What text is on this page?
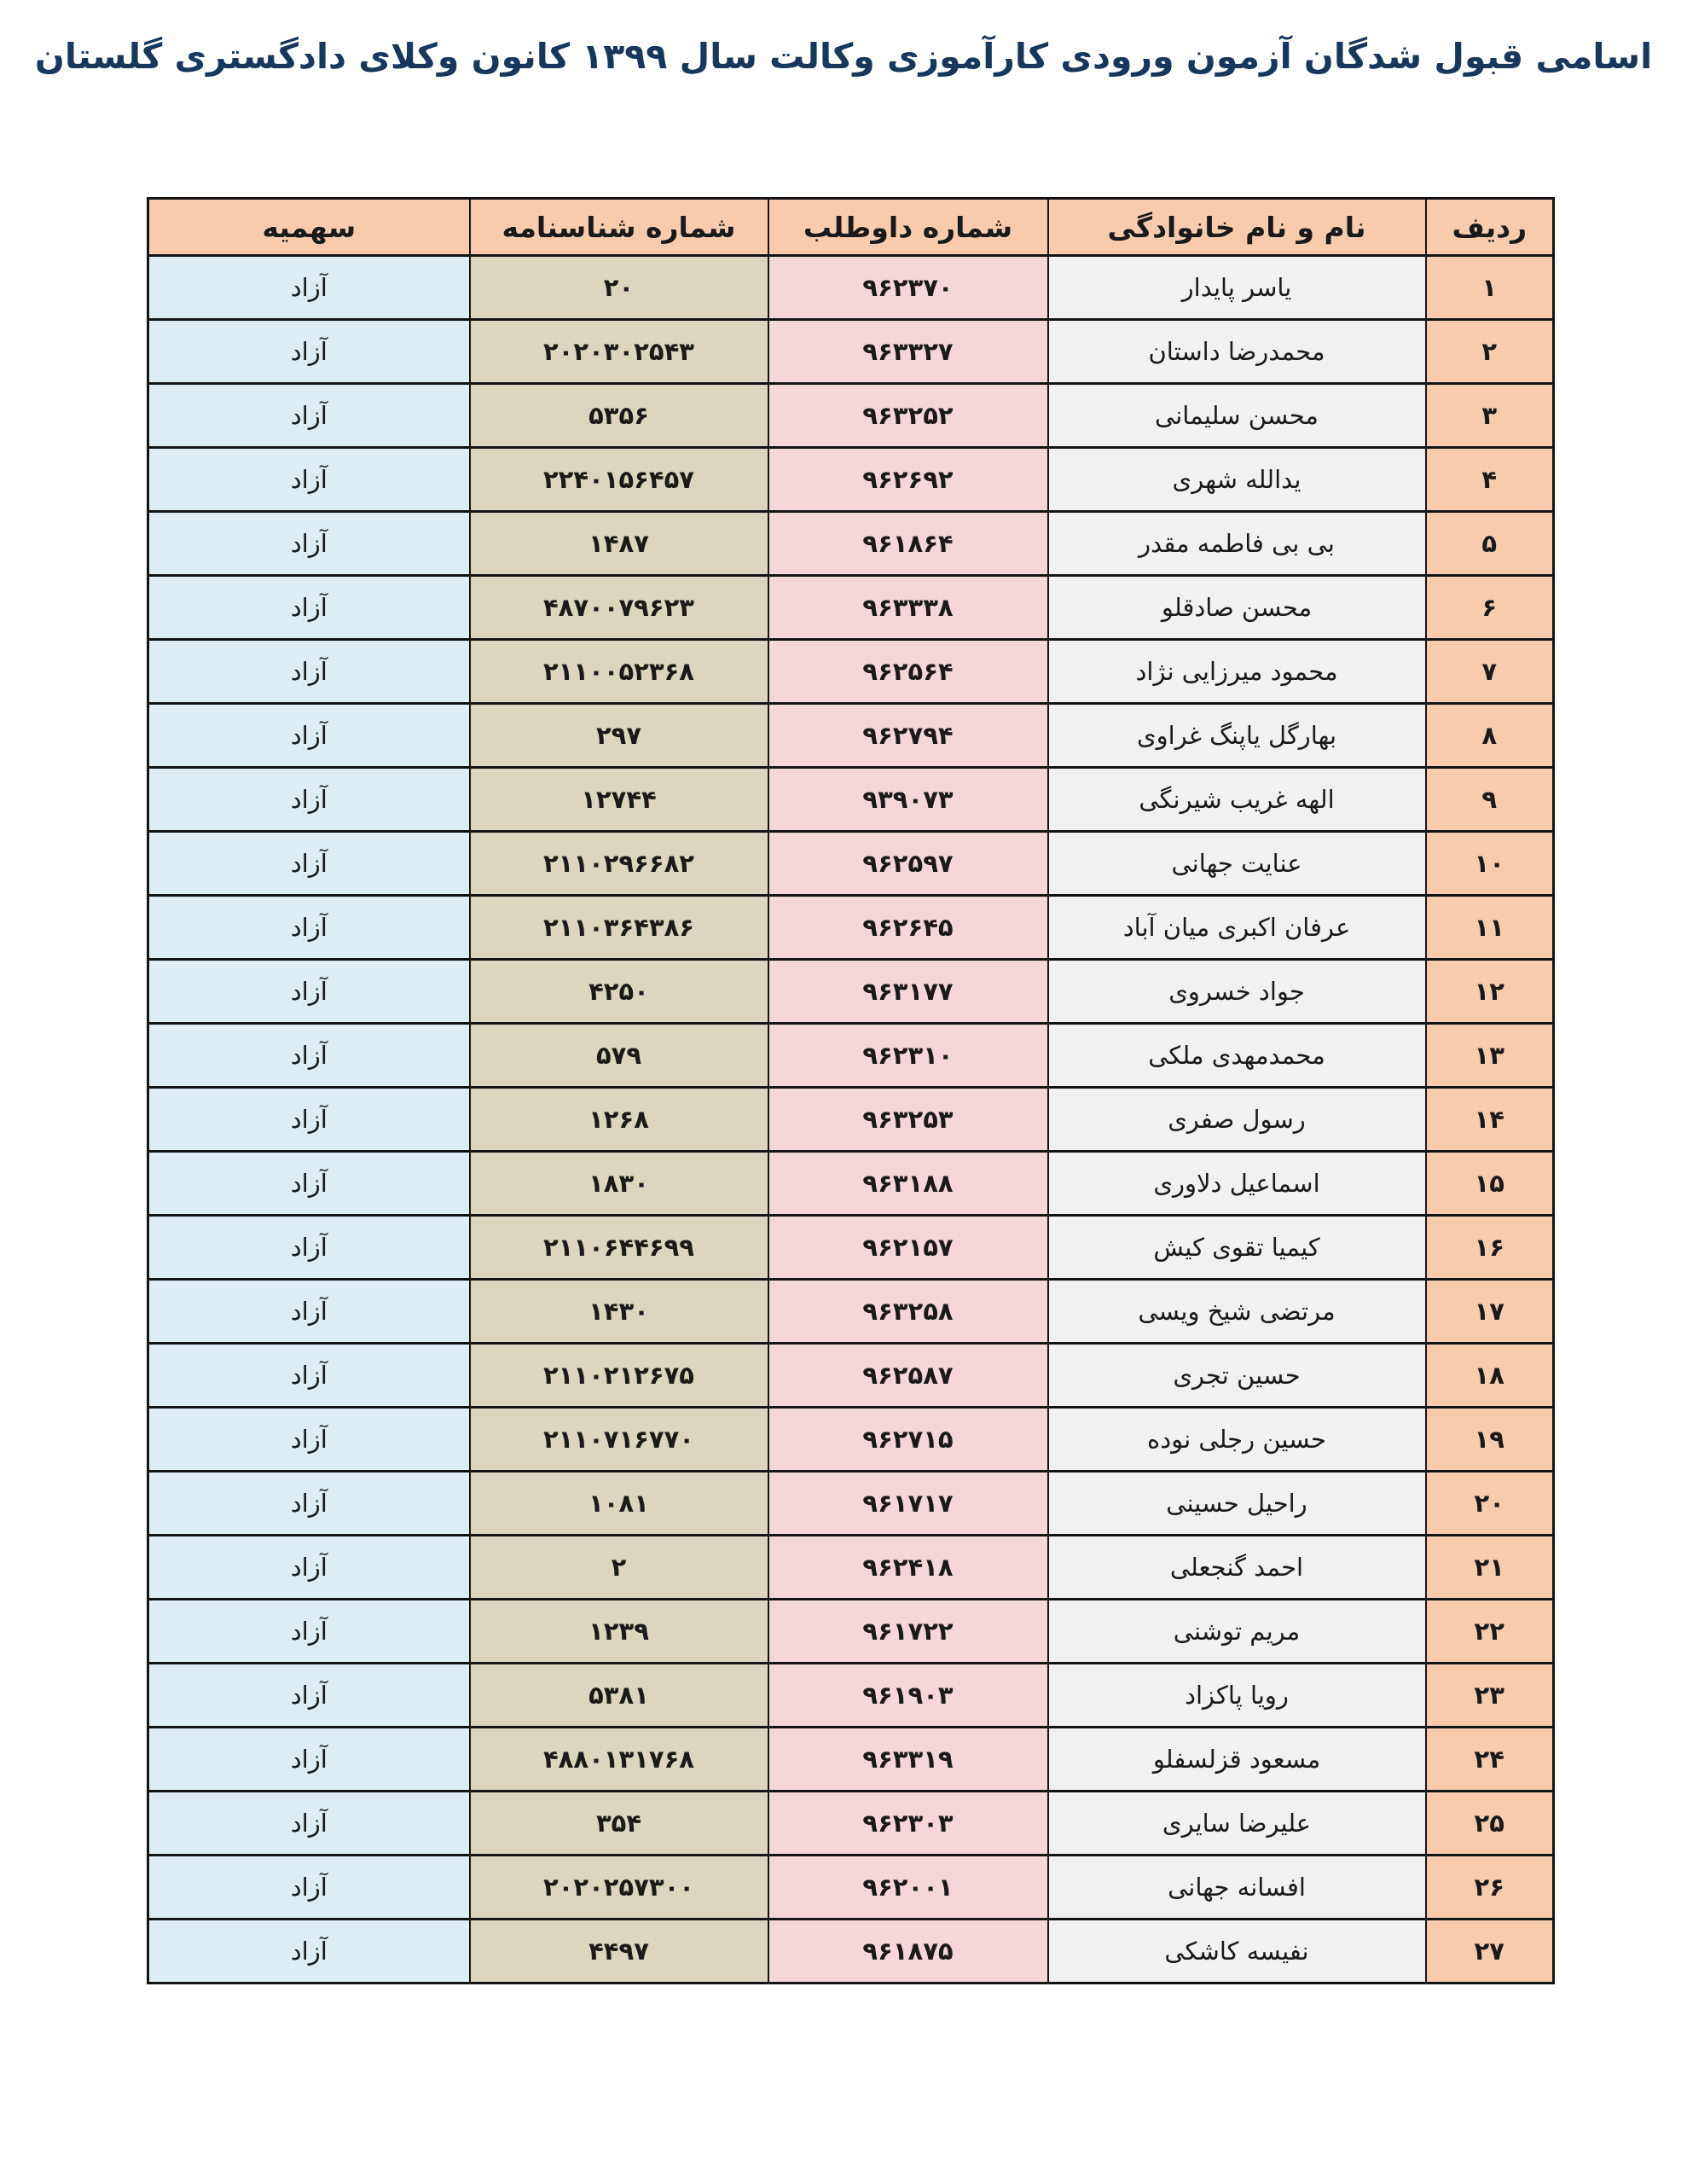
اسامی قبول شدگان آزمون ورودی کارآموزی وکالت سال ۱۳۹۹ کانون وکلای دادگستری گلستان
ردیف	نام و نام خانوادگی	شماره داوطلب	شماره شناسنامه	سهمیه
۱	یاسر پایدار	۹۶۲۳۷۰	۲۰	آزاد
۲	محمدرضا داستان	۹۶۳۳۲۷	۲۰۲۰۳۰۲۵۴۳	آزاد
۳	محسن سلیمانی	۹۶۳۲۵۲	۵۳۵۶	آزاد
۴	یدالله شهری	۹۶۲۶۹۲	۲۲۴۰۱۵۶۴۵۷	آزاد
۵	بی بی فاطمه مقدر	۹۶۱۸۶۴	۱۴۸۷	آزاد
۶	محسن صادقلو	۹۶۳۳۳۸	۴۸۷۰۰۷۹۶۲۳	آزاد
۷	محمود میرزایی نژاد	۹۶۲۵۶۴	۲۱۱۰۰۵۲۳۶۸	آزاد
۸	بهارگل یاپنگ غراوی	۹۶۲۷۹۴	۲۹۷	آزاد
۹	الهه غریب شیرنگی	۹۳۹۰۷۳	۱۲۷۴۴	آزاد
۱۰	عنایت جهانی	۹۶۲۵۹۷	۲۱۱۰۲۹۶۶۸۲	آزاد
۱۱	عرفان اکبری میان آباد	۹۶۲۶۴۵	۲۱۱۰۳۶۴۳۸۶	آزاد
۱۲	جواد خسروی	۹۶۳۱۷۷	۴۲۵۰	آزاد
۱۳	محمدمهدی ملکی	۹۶۲۳۱۰	۵۷۹	آزاد
۱۴	رسول صفری	۹۶۳۲۵۳	۱۲۶۸	آزاد
۱۵	اسماعیل دلاوری	۹۶۳۱۸۸	۱۸۳۰	آزاد
۱۶	کیمیا تقوی کیش	۹۶۲۱۵۷	۲۱۱۰۶۴۴۶۹۹	آزاد
۱۷	مرتضی شیخ ویسی	۹۶۳۲۵۸	۱۴۳۰	آزاد
۱۸	حسین تجری	۹۶۲۵۸۷	۲۱۱۰۲۱۲۶۷۵	آزاد
۱۹	حسین رجلی نوده	۹۶۲۷۱۵	۲۱۱۰۷۱۶۷۷۰	آزاد
۲۰	راحیل حسینی	۹۶۱۷۱۷	۱۰۸۱	آزاد
۲۱	احمد گنجعلی	۹۶۲۴۱۸	۲	آزاد
۲۲	مریم توشنی	۹۶۱۷۲۲	۱۲۳۹	آزاد
۲۳	رویا پاکزاد	۹۶۱۹۰۳	۵۳۸۱	آزاد
۲۴	مسعود قزلسفلو	۹۶۳۳۱۹	۴۸۸۰۱۳۱۷۶۸	آزاد
۲۵	علیرضا سایری	۹۶۲۳۰۳	۳۵۴	آزاد
۲۶	افسانه جهانی	۹۶۲۰۰۱	۲۰۲۰۲۵۷۳۰۰	آزاد
۲۷	نفیسه کاشکی	۹۶۱۸۷۵	۴۴۹۷	آزاد
